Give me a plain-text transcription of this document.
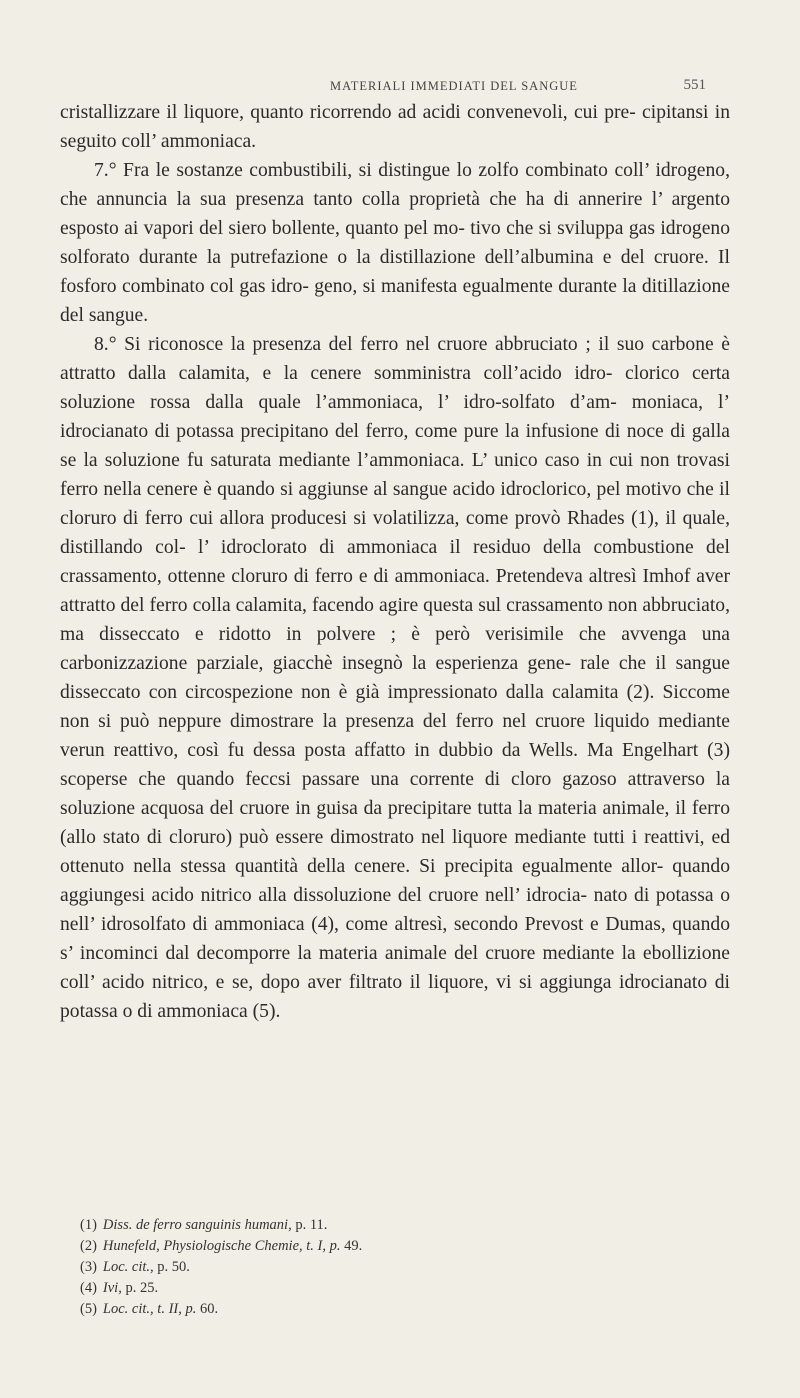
MATERIALI IMMEDIATI DEL SANGUE	551

cristallizzare il liquore, quanto ricorrendo ad acidi convenevoli, cui pre- cipitansi in seguito coll’ ammoniaca.

7.° Fra le sostanze combustibili, si distingue lo zolfo combinato coll’ idrogeno, che annuncia la sua presenza tanto colla proprietà che ha di annerire l’ argento esposto ai vapori del siero bollente, quanto pel mo- tivo che si sviluppa gas idrogeno solforato durante la putrefazione o la distillazione dell’albumina e del cruore. Il fosforo combinato col gas idro- geno, si manifesta egualmente durante la ditillazione del sangue.

8.° Si riconosce la presenza del ferro nel cruore abbruciato ; il suo carbone è attratto dalla calamita, e la cenere somministra coll’acido idro- clorico certa soluzione rossa dalla quale l’ammoniaca, l’ idro-solfato d’am- moniaca, l’ idrocianato di potassa precipitano del ferro, come pure la infusione di noce di galla se la soluzione fu saturata mediante l’ammoniaca. L’ unico caso in cui non trovasi ferro nella cenere è quando si aggiunse al sangue acido idroclorico, pel motivo che il cloruro di ferro cui allora producesi si volatilizza, come provò Rhades (1), il quale, distillando col- l’ idroclorato di ammoniaca il residuo della combustione del crassamento, ottenne cloruro di ferro e di ammoniaca. Pretendeva altresì Imhof aver attratto del ferro colla calamita, facendo agire questa sul crassamento non abbruciato, ma disseccato e ridotto in polvere ; è però verisimile che avvenga una carbonizzazione parziale, giacchè insegnò la esperienza gene- rale che il sangue disseccato con circospezione non è già impressionato dalla calamita (2). Siccome non si può neppure dimostrare la presenza del ferro nel cruore liquido mediante verun reattivo, così fu dessa posta affatto in dubbio da Wells. Ma Engelhart (3) scoperse che quando feccsi passare una corrente di cloro gazoso attraverso la soluzione acquosa del cruore in guisa da precipitare tutta la materia animale, il ferro (allo stato di cloruro) può essere dimostrato nel liquore mediante tutti i reattivi, ed ottenuto nella stessa quantità della cenere. Si precipita egualmente allor- quando aggiungesi acido nitrico alla dissoluzione del cruore nell’ idrocia- nato di potassa o nell’ idrosolfato di ammoniaca (4), come altresì, secondo Prevost e Dumas, quando s’ incominci dal decomporre la materia animale del cruore mediante la ebollizione coll’ acido nitrico, e se, dopo aver filtrato il liquore, vi si aggiunga idrocianato di potassa o di ammoniaca (5).

(1) Diss. de ferro sanguinis humani, p. 11.

(2) Hunefeld, Physiologische Chemie, t. I, p. 49.

(3) Loc. cit., p. 50.

(4) Ivi, p. 25.

(5) Loc. cit., t. II, p. 60.
